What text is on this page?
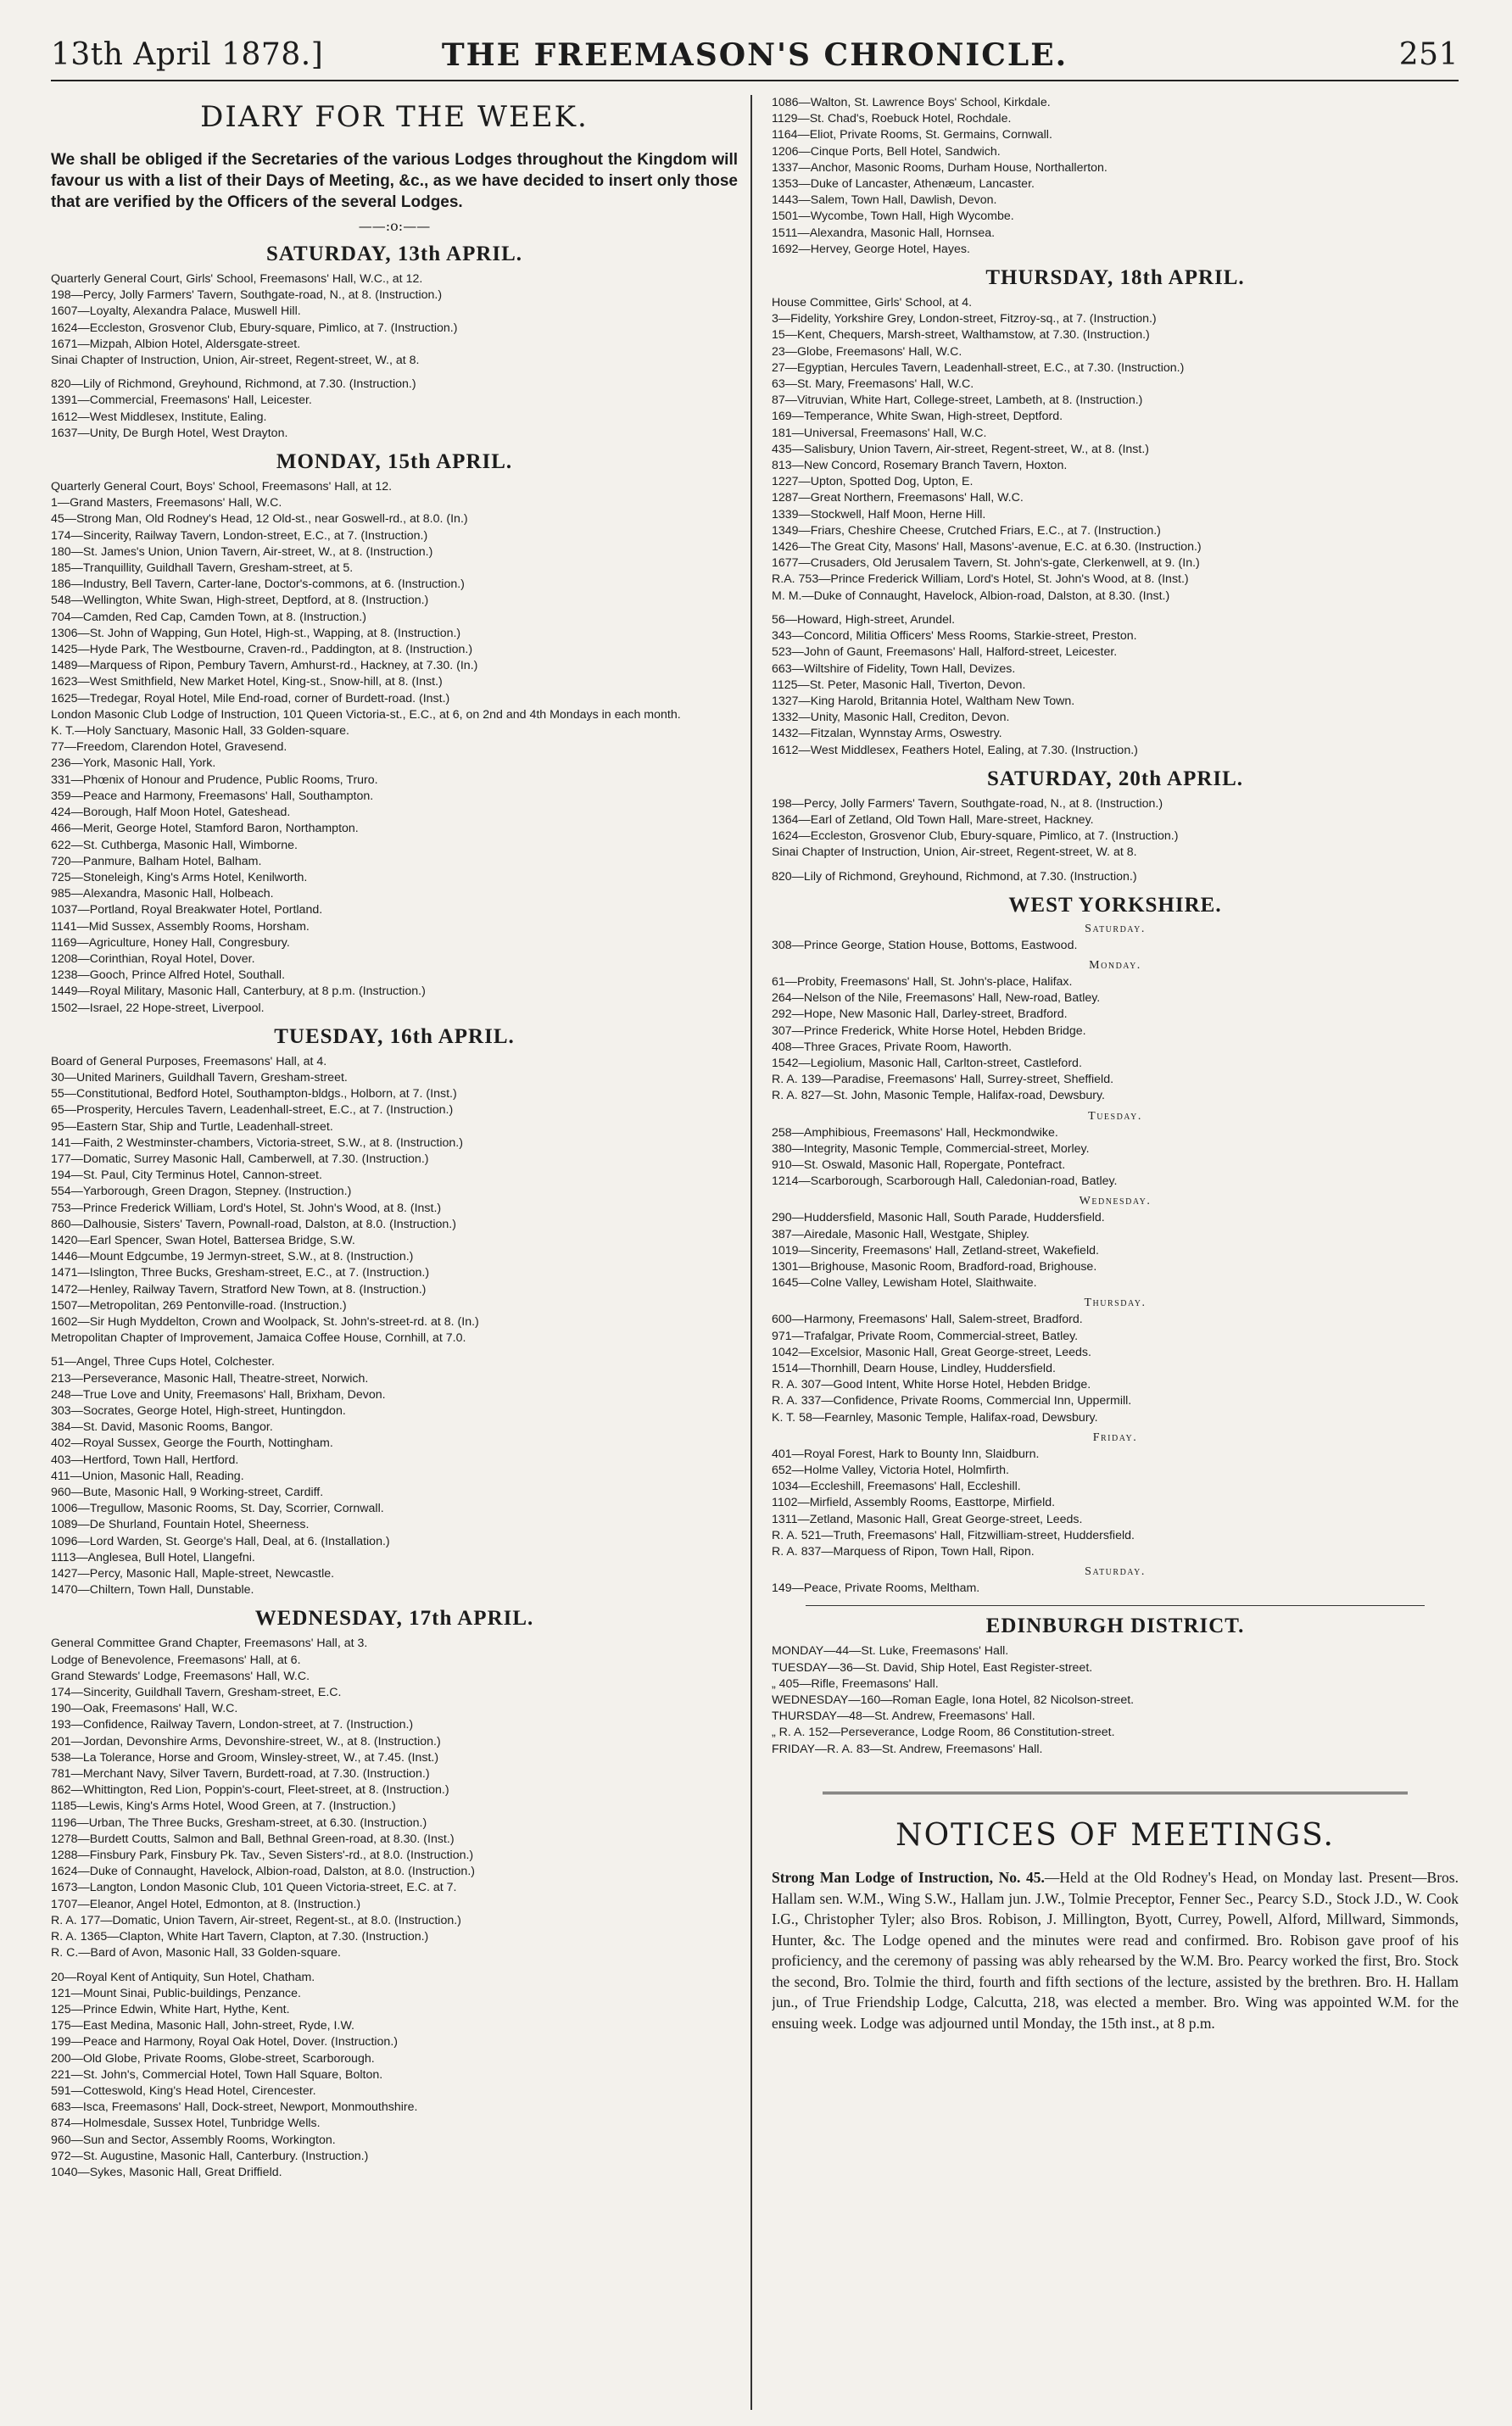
13th April 1878.]	THE FREEMASON'S CHRONICLE.	251
DIARY FOR THE WEEK.

We shall be obliged if the Secretaries of the various Lodges throughout the Kingdom will favour us with a list of their Days of Meeting, &c., as we have decided to insert only those that are verified by the Officers of the several Lodges.

——:o:——
SATURDAY, 13th APRIL.
Quarterly General Court, Girls' School, Freemasons' Hall, W.C., at 12.
198—Percy, Jolly Farmers' Tavern, Southgate-road, N., at 8. (Instruction.)
1607—Loyalty, Alexandra Palace, Muswell Hill.
1624—Eccleston, Grosvenor Club, Ebury-square, Pimlico, at 7. (Instruction.)
1671—Mizpah, Albion Hotel, Aldersgate-street.
Sinai Chapter of Instruction, Union, Air-street, Regent-street, W., at 8.
820—Lily of Richmond, Greyhound, Richmond, at 7.30. (Instruction.)
1391—Commercial, Freemasons' Hall, Leicester.
1612—West Middlesex, Institute, Ealing.
1637—Unity, De Burgh Hotel, West Drayton.
MONDAY, 15th APRIL.
Quarterly General Court, Boys' School, Freemasons' Hall, at 12.
1—Grand Masters, Freemasons' Hall, W.C.
45—Strong Man, Old Rodney's Head, 12 Old-st., near Goswell-rd., at 8.0. (In.)
174—Sincerity, Railway Tavern, London-street, E.C., at 7. (Instruction.)
180—St. James's Union, Union Tavern, Air-street, W., at 8. (Instruction.)
185—Tranquillity, Guildhall Tavern, Gresham-street, at 5.
186—Industry, Bell Tavern, Carter-lane, Doctor's-commons, at 6. (Instruction.)
548—Wellington, White Swan, High-street, Deptford, at 8. (Instruction.)
704—Camden, Red Cap, Camden Town, at 8. (Instruction.)
1306—St. John of Wapping, Gun Hotel, High-st., Wapping, at 8. (Instruction.)
1425—Hyde Park, The Westbourne, Craven-rd., Paddington, at 8. (Instruction.)
1489—Marquess of Ripon, Pembury Tavern, Amhurst-rd., Hackney, at 7.30. (In.)
1623—West Smithfield, New Market Hotel, King-st., Snow-hill, at 8. (Inst.)
1625—Tredegar, Royal Hotel, Mile End-road, corner of Burdett-road. (Inst.)
London Masonic Club Lodge of Instruction, 101 Queen Victoria-st., E.C., at 6, on 2nd and 4th Mondays in each month.
K. T.—Holy Sanctuary, Masonic Hall, 33 Golden-square.
77—Freedom, Clarendon Hotel, Gravesend.
236—York, Masonic Hall, York.
331—Phœnix of Honour and Prudence, Public Rooms, Truro.
359—Peace and Harmony, Freemasons' Hall, Southampton.
424—Borough, Half Moon Hotel, Gateshead.
466—Merit, George Hotel, Stamford Baron, Northampton.
622—St. Cuthberga, Masonic Hall, Wimborne.
720—Panmure, Balham Hotel, Balham.
725—Stoneleigh, King's Arms Hotel, Kenilworth.
985—Alexandra, Masonic Hall, Holbeach.
1037—Portland, Royal Breakwater Hotel, Portland.
1141—Mid Sussex, Assembly Rooms, Horsham.
1169—Agriculture, Honey Hall, Congresbury.
1208—Corinthian, Royal Hotel, Dover.
1238—Gooch, Prince Alfred Hotel, Southall.
1449—Royal Military, Masonic Hall, Canterbury, at 8 p.m. (Instruction.)
1502—Israel, 22 Hope-street, Liverpool.
TUESDAY, 16th APRIL.
Board of General Purposes, Freemasons' Hall, at 4.
30—United Mariners, Guildhall Tavern, Gresham-street.
55—Constitutional, Bedford Hotel, Southampton-bldgs., Holborn, at 7. (Inst.)
65—Prosperity, Hercules Tavern, Leadenhall-street, E.C., at 7. (Instruction.)
95—Eastern Star, Ship and Turtle, Leadenhall-street.
141—Faith, 2 Westminster-chambers, Victoria-street, S.W., at 8. (Instruction.)
177—Domatic, Surrey Masonic Hall, Camberwell, at 7.30. (Instruction.)
194—St. Paul, City Terminus Hotel, Cannon-street.
554—Yarborough, Green Dragon, Stepney. (Instruction.)
753—Prince Frederick William, Lord's Hotel, St. John's Wood, at 8. (Inst.)
860—Dalhousie, Sisters' Tavern, Pownall-road, Dalston, at 8.0. (Instruction.)
1420—Earl Spencer, Swan Hotel, Battersea Bridge, S.W.
1446—Mount Edgcumbe, 19 Jermyn-street, S.W., at 8. (Instruction.)
1471—Islington, Three Bucks, Gresham-street, E.C., at 7. (Instruction.)
1472—Henley, Railway Tavern, Stratford New Town, at 8. (Instruction.)
1507—Metropolitan, 269 Pentonville-road. (Instruction.)
1602—Sir Hugh Myddelton, Crown and Woolpack, St. John's-street-rd. at 8. (In.)
Metropolitan Chapter of Improvement, Jamaica Coffee House, Cornhill, at 7.0.
51—Angel, Three Cups Hotel, Colchester.
213—Perseverance, Masonic Hall, Theatre-street, Norwich.
248—True Love and Unity, Freemasons' Hall, Brixham, Devon.
303—Socrates, George Hotel, High-street, Huntingdon.
384—St. David, Masonic Rooms, Bangor.
402—Royal Sussex, George the Fourth, Nottingham.
403—Hertford, Town Hall, Hertford.
411—Union, Masonic Hall, Reading.
960—Bute, Masonic Hall, 9 Working-street, Cardiff.
1006—Tregullow, Masonic Rooms, St. Day, Scorrier, Cornwall.
1089—De Shurland, Fountain Hotel, Sheerness.
1096—Lord Warden, St. George's Hall, Deal, at 6. (Installation.)
1113—Anglesea, Bull Hotel, Llangefni.
1427—Percy, Masonic Hall, Maple-street, Newcastle.
1470—Chiltern, Town Hall, Dunstable.
WEDNESDAY, 17th APRIL.
General Committee Grand Chapter, Freemasons' Hall, at 3.
Lodge of Benevolence, Freemasons' Hall, at 6.
Grand Stewards' Lodge, Freemasons' Hall, W.C.
174—Sincerity, Guildhall Tavern, Gresham-street, E.C.
190—Oak, Freemasons' Hall, W.C.
193—Confidence, Railway Tavern, London-street, at 7. (Instruction.)
201—Jordan, Devonshire Arms, Devonshire-street, W., at 8. (Instruction.)
538—La Tolerance, Horse and Groom, Winsley-street, W., at 7.45. (Inst.)
781—Merchant Navy, Silver Tavern, Burdett-road, at 7.30. (Instruction.)
862—Whittington, Red Lion, Poppin's-court, Fleet-street, at 8. (Instruction.)
1185—Lewis, King's Arms Hotel, Wood Green, at 7. (Instruction.)
1196—Urban, The Three Bucks, Gresham-street, at 6.30. (Instruction.)
1278—Burdett Coutts, Salmon and Ball, Bethnal Green-road, at 8.30. (Inst.)
1288—Finsbury Park, Finsbury Pk. Tav., Seven Sisters'-rd., at 8.0. (Instruction.)
1624—Duke of Connaught, Havelock, Albion-road, Dalston, at 8.0. (Instruction.)
1673—Langton, London Masonic Club, 101 Queen Victoria-street, E.C. at 7.
1707—Eleanor, Angel Hotel, Edmonton, at 8. (Instruction.)
R. A. 177—Domatic, Union Tavern, Air-street, Regent-st., at 8.0. (Instruction.)
R. A. 1365—Clapton, White Hart Tavern, Clapton, at 7.30. (Instruction.)
R. C.—Bard of Avon, Masonic Hall, 33 Golden-square.
20—Royal Kent of Antiquity, Sun Hotel, Chatham.
121—Mount Sinai, Public-buildings, Penzance.
125—Prince Edwin, White Hart, Hythe, Kent.
175—East Medina, Masonic Hall, John-street, Ryde, I.W.
199—Peace and Harmony, Royal Oak Hotel, Dover. (Instruction.)
200—Old Globe, Private Rooms, Globe-street, Scarborough.
221—St. John's, Commercial Hotel, Town Hall Square, Bolton.
591—Cotteswold, King's Head Hotel, Cirencester.
683—Isca, Freemasons' Hall, Dock-street, Newport, Monmouthshire.
874—Holmesdale, Sussex Hotel, Tunbridge Wells.
960—Sun and Sector, Assembly Rooms, Workington.
972—St. Augustine, Masonic Hall, Canterbury. (Instruction.)
1040—Sykes, Masonic Hall, Great Driffield.
1086—Walton, St. Lawrence Boys' School, Kirkdale.
1129—St. Chad's, Roebuck Hotel, Rochdale.
1164—Eliot, Private Rooms, St. Germains, Cornwall.
1206—Cinque Ports, Bell Hotel, Sandwich.
1337—Anchor, Masonic Rooms, Durham House, Northallerton.
1353—Duke of Lancaster, Athenæum, Lancaster.
1443—Salem, Town Hall, Dawlish, Devon.
1501—Wycombe, Town Hall, High Wycombe.
1511—Alexandra, Masonic Hall, Hornsea.
1692—Hervey, George Hotel, Hayes.
THURSDAY, 18th APRIL.
House Committee, Girls' School, at 4.
3—Fidelity, Yorkshire Grey, London-street, Fitzroy-sq., at 7. (Instruction.)
15—Kent, Chequers, Marsh-street, Walthamstow, at 7.30. (Instruction.)
23—Globe, Freemasons' Hall, W.C.
27—Egyptian, Hercules Tavern, Leadenhall-street, E.C., at 7.30. (Instruction.)
63—St. Mary, Freemasons' Hall, W.C.
87—Vitruvian, White Hart, College-street, Lambeth, at 8. (Instruction.)
169—Temperance, White Swan, High-street, Deptford.
181—Universal, Freemasons' Hall, W.C.
435—Salisbury, Union Tavern, Air-street, Regent-street, W., at 8. (Inst.)
813—New Concord, Rosemary Branch Tavern, Hoxton.
1227—Upton, Spotted Dog, Upton, E.
1287—Great Northern, Freemasons' Hall, W.C.
1339—Stockwell, Half Moon, Herne Hill.
1349—Friars, Cheshire Cheese, Crutched Friars, E.C., at 7. (Instruction.)
1426—The Great City, Masons' Hall, Masons'-avenue, E.C. at 6.30. (Instruction.)
1677—Crusaders, Old Jerusalem Tavern, St. John's-gate, Clerkenwell, at 9. (In.)
R.A. 753—Prince Frederick William, Lord's Hotel, St. John's Wood, at 8. (Inst.)
M. M.—Duke of Connaught, Havelock, Albion-road, Dalston, at 8.30. (Inst.)
56—Howard, High-street, Arundel.
343—Concord, Militia Officers' Mess Rooms, Starkie-street, Preston.
523—John of Gaunt, Freemasons' Hall, Halford-street, Leicester.
663—Wiltshire of Fidelity, Town Hall, Devizes.
1125—St. Peter, Masonic Hall, Tiverton, Devon.
1327—King Harold, Britannia Hotel, Waltham New Town.
1332—Unity, Masonic Hall, Crediton, Devon.
1432—Fitzalan, Wynnstay Arms, Oswestry.
1612—West Middlesex, Feathers Hotel, Ealing, at 7.30. (Instruction.)
SATURDAY, 20th APRIL.
198—Percy, Jolly Farmers' Tavern, Southgate-road, N., at 8. (Instruction.)
1364—Earl of Zetland, Old Town Hall, Mare-street, Hackney.
1624—Eccleston, Grosvenor Club, Ebury-square, Pimlico, at 7. (Instruction.)
Sinai Chapter of Instruction, Union, Air-street, Regent-street, W. at 8.
820—Lily of Richmond, Greyhound, Richmond, at 7.30. (Instruction.)
WEST YORKSHIRE.
Saturday.
308—Prince George, Station House, Bottoms, Eastwood.
Monday.
61—Probity, Freemasons' Hall, St. John's-place, Halifax.
264—Nelson of the Nile, Freemasons' Hall, New-road, Batley.
292—Hope, New Masonic Hall, Darley-street, Bradford.
307—Prince Frederick, White Horse Hotel, Hebden Bridge.
408—Three Graces, Private Room, Haworth.
1542—Legiolium, Masonic Hall, Carlton-street, Castleford.
R. A. 139—Paradise, Freemasons' Hall, Surrey-street, Sheffield.
R. A. 827—St. John, Masonic Temple, Halifax-road, Dewsbury.
Tuesday.
258—Amphibious, Freemasons' Hall, Heckmondwike.
380—Integrity, Masonic Temple, Commercial-street, Morley.
910—St. Oswald, Masonic Hall, Ropergate, Pontefract.
1214—Scarborough, Scarborough Hall, Caledonian-road, Batley.
Wednesday.
290—Huddersfield, Masonic Hall, South Parade, Huddersfield.
387—Airedale, Masonic Hall, Westgate, Shipley.
1019—Sincerity, Freemasons' Hall, Zetland-street, Wakefield.
1301—Brighouse, Masonic Room, Bradford-road, Brighouse.
1645—Colne Valley, Lewisham Hotel, Slaithwaite.
Thursday.
600—Harmony, Freemasons' Hall, Salem-street, Bradford.
971—Trafalgar, Private Room, Commercial-street, Batley.
1042—Excelsior, Masonic Hall, Great George-street, Leeds.
1514—Thornhill, Dearn House, Lindley, Huddersfield.
R. A. 307—Good Intent, White Horse Hotel, Hebden Bridge.
R. A. 337—Confidence, Private Rooms, Commercial Inn, Uppermill.
K. T. 58—Fearnley, Masonic Temple, Halifax-road, Dewsbury.
Friday.
401—Royal Forest, Hark to Bounty Inn, Slaidburn.
652—Holme Valley, Victoria Hotel, Holmfirth.
1034—Eccleshill, Freemasons' Hall, Eccleshill.
1102—Mirfield, Assembly Rooms, Easttorpe, Mirfield.
1311—Zetland, Masonic Hall, Great George-street, Leeds.
R. A. 521—Truth, Freemasons' Hall, Fitzwilliam-street, Huddersfield.
R. A. 837—Marquess of Ripon, Town Hall, Ripon.
Saturday.
149—Peace, Private Rooms, Meltham.
EDINBURGH DISTRICT.
MONDAY—44—St. Luke, Freemasons' Hall.
TUESDAY—36—St. David, Ship Hotel, East Register-street.
„ 405—Rifle, Freemasons' Hall.
WEDNESDAY—160—Roman Eagle, Iona Hotel, 82 Nicolson-street.
THURSDAY—48—St. Andrew, Freemasons' Hall.
„ R. A. 152—Perseverance, Lodge Room, 86 Constitution-street.
FRIDAY—R. A. 83—St. Andrew, Freemasons' Hall.
NOTICES OF MEETINGS.

Strong Man Lodge of Instruction, No. 45.—Held at the Old Rodney's Head, on Monday last. Present—Bros. Hallam sen. W.M., Wing S.W., Hallam jun. J.W., Tolmie Preceptor, Fenner Sec., Pearcy S.D., Stock J.D., W. Cook I.G., Christopher Tyler; also Bros. Robison, J. Millington, Byott, Currey, Powell, Alford, Millward, Simmonds, Hunter, &c. The Lodge opened and the minutes were read and confirmed. Bro. Robison gave proof of his proficiency, and the ceremony of passing was ably rehearsed by the W.M. Bro. Pearcy worked the first, Bro. Stock the second, Bro. Tolmie the third, fourth and fifth sections of the lecture, assisted by the brethren. Bro. H. Hallam jun., of True Friendship Lodge, Calcutta, 218, was elected a member. Bro. Wing was appointed W.M. for the ensuing week. Lodge was adjourned until Monday, the 15th inst., at 8 p.m.
